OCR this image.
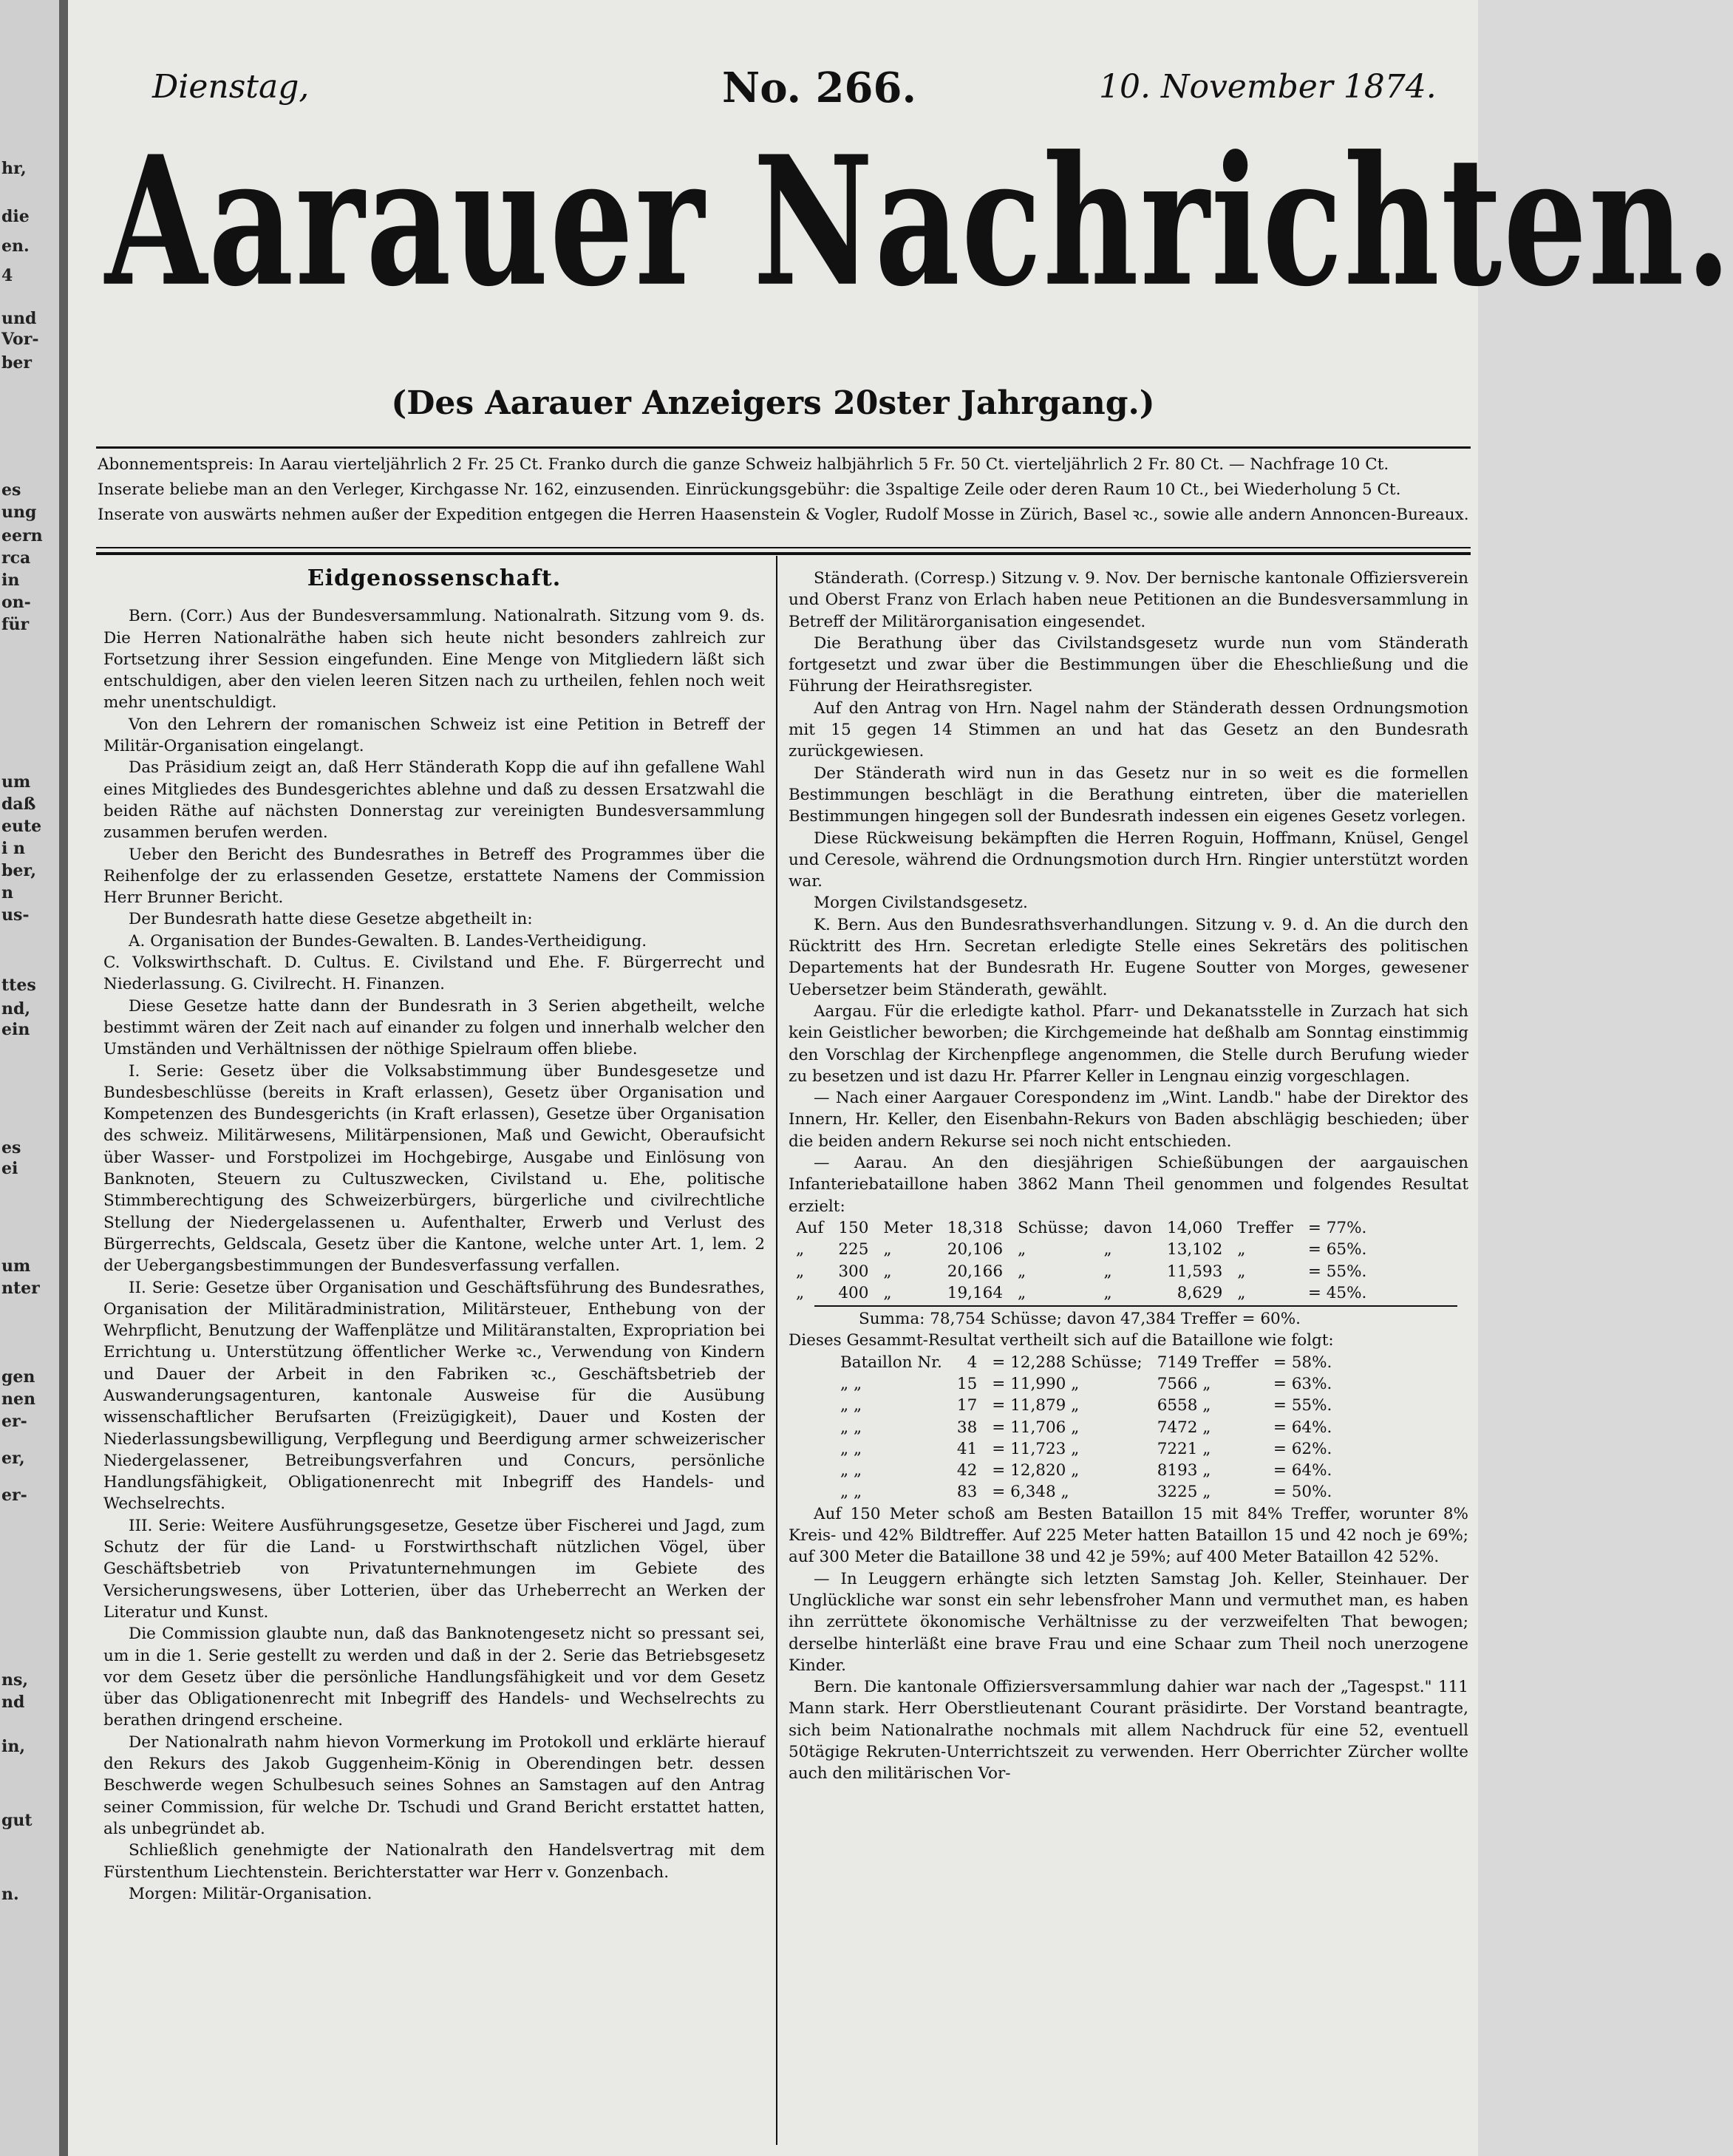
hr,
die
en.
4
und
Vor-
ber
es
ung
eern
rca
in
on-
für
um
daß
eute
i n
ber,
n
us-
ttes
nd,
ein
es
ei
um
nter
gen
nen
er-
er,
er-
ns,
nd
in,
gut
n.

Dienstag,	No. 266.	10. November 1874.

Aarauer Nachrichten.

(Des Aarauer Anzeigers 20ster Jahrgang.)

Abonnementspreis: In Aarau vierteljährlich 2 Fr. 25 Ct. Franko durch die ganze Schweiz halbjährlich 5 Fr. 50 Ct. vierteljährlich 2 Fr. 80 Ct. — Nachfrage 10 Ct.
Inserate beliebe man an den Verleger, Kirchgasse Nr. 162, einzusenden. Einrückungsgebühr: die 3spaltige Zeile oder deren Raum 10 Ct., bei Wiederholung 5 Ct.
Inserate von auswärts nehmen außer der Expedition entgegen die Herren Haasenstein & Vogler, Rudolf Mosse in Zürich, Basel ꝛc., sowie alle andern Annoncen-Bureaux.

Eidgenossenschaft.

Bern. (Corr.) Aus der Bundesversammlung. Nationalrath. Sitzung vom 9. ds. Die Herren Nationalräthe haben sich heute nicht besonders zahlreich zur Fortsetzung ihrer Session eingefunden. Eine Menge von Mitgliedern läßt sich entschuldigen, aber den vielen leeren Sitzen nach zu urtheilen, fehlen noch weit mehr unentschuldigt.

Von den Lehrern der romanischen Schweiz ist eine Petition in Betreff der Militär-Organisation eingelangt.

Das Präsidium zeigt an, daß Herr Ständerath Kopp die auf ihn gefallene Wahl eines Mitgliedes des Bundesgerichtes ablehne und daß zu dessen Ersatzwahl die beiden Räthe auf nächsten Donnerstag zur vereinigten Bundesversammlung zusammen berufen werden.

Ueber den Bericht des Bundesrathes in Betreff des Programmes über die Reihenfolge der zu erlassenden Gesetze, erstattete Namens der Commission Herr Brunner Bericht.

Der Bundesrath hatte diese Gesetze abgetheilt in:

A. Organisation der Bundes-Gewalten. B. Landes-Vertheidigung.

C. Volkswirthschaft. D. Cultus. E. Civilstand und Ehe. F. Bürgerrecht und Niederlassung. G. Civilrecht. H. Finanzen.

Diese Gesetze hatte dann der Bundesrath in 3 Serien abgetheilt, welche bestimmt wären der Zeit nach auf einander zu folgen und innerhalb welcher den Umständen und Verhältnissen der nöthige Spielraum offen bliebe.

I. Serie: Gesetz über die Volksabstimmung über Bundesgesetze und Bundesbeschlüsse (bereits in Kraft erlassen), Gesetz über Organisation und Kompetenzen des Bundesgerichts (in Kraft erlassen), Gesetze über Organisation des schweiz. Militärwesens, Militärpensionen, Maß und Gewicht, Oberaufsicht über Wasser- und Forstpolizei im Hochgebirge, Ausgabe und Einlösung von Banknoten, Steuern zu Cultuszwecken, Civilstand u. Ehe, politische Stimmberechtigung des Schweizerbürgers, bürgerliche und civilrechtliche Stellung der Niedergelassenen u. Aufenthalter, Erwerb und Verlust des Bürgerrechts, Geldscala, Gesetz über die Kantone, welche unter Art. 1, lem. 2 der Uebergangsbestimmungen der Bundesverfassung verfallen.

II. Serie: Gesetze über Organisation und Geschäftsführung des Bundesrathes, Organisation der Militäradministration, Militärsteuer, Enthebung von der Wehrpflicht, Benutzung der Waffenplätze und Militäranstalten, Expropriation bei Errichtung u. Unterstützung öffentlicher Werke ꝛc., Verwendung von Kindern und Dauer der Arbeit in den Fabriken ꝛc., Geschäftsbetrieb der Auswanderungsagenturen, kantonale Ausweise für die Ausübung wissenschaftlicher Berufsarten (Freizügigkeit), Dauer und Kosten der Niederlassungsbewilligung, Verpflegung und Beerdigung armer schweizerischer Niedergelassener, Betreibungsverfahren und Concurs, persönliche Handlungsfähigkeit, Obligationenrecht mit Inbegriff des Handels- und Wechselrechts.

III. Serie: Weitere Ausführungsgesetze, Gesetze über Fischerei und Jagd, zum Schutz der für die Land- u Forstwirthschaft nützlichen Vögel, über Geschäftsbetrieb von Privatunternehmungen im Gebiete des Versicherungswesens, über Lotterien, über das Urheberrecht an Werken der Literatur und Kunst.

Die Commission glaubte nun, daß das Banknotengesetz nicht so pressant sei, um in die 1. Serie gestellt zu werden und daß in der 2. Serie das Betriebsgesetz vor dem Gesetz über die persönliche Handlungsfähigkeit und vor dem Gesetz über das Obligationenrecht mit Inbegriff des Handels- und Wechselrechts zu berathen dringend erscheine.

Der Nationalrath nahm hievon Vormerkung im Protokoll und erklärte hierauf den Rekurs des Jakob Guggenheim-König in Oberendingen betr. dessen Beschwerde wegen Schulbesuch seines Sohnes an Samstagen auf den Antrag seiner Commission, für welche Dr. Tschudi und Grand Bericht erstattet hatten, als unbegründet ab.

Schließlich genehmigte der Nationalrath den Handelsvertrag mit dem Fürstenthum Liechtenstein. Berichterstatter war Herr v. Gonzenbach.

Morgen: Militär-Organisation.

Ständerath. (Corresp.) Sitzung v. 9. Nov. Der bernische kantonale Offiziersverein und Oberst Franz von Erlach haben neue Petitionen an die Bundesversammlung in Betreff der Militärorganisation eingesendet.

Die Berathung über das Civilstandsgesetz wurde nun vom Ständerath fortgesetzt und zwar über die Bestimmungen über die Eheschließung und die Führung der Heirathsregister.

Auf den Antrag von Hrn. Nagel nahm der Ständerath dessen Ordnungsmotion mit 15 gegen 14 Stimmen an und hat das Gesetz an den Bundesrath zurückgewiesen.

Der Ständerath wird nun in das Gesetz nur in so weit es die formellen Bestimmungen beschlägt in die Berathung eintreten, über die materiellen Bestimmungen hingegen soll der Bundesrath indessen ein eigenes Gesetz vorlegen.

Diese Rückweisung bekämpften die Herren Roguin, Hoffmann, Knüsel, Gengel und Ceresole, während die Ordnungsmotion durch Hrn. Ringier unterstützt worden war.

Morgen Civilstandsgesetz.

K. Bern. Aus den Bundesrathsverhandlungen. Sitzung v. 9. d. An die durch den Rücktritt des Hrn. Secretan erledigte Stelle eines Sekretärs des politischen Departements hat der Bundesrath Hr. Eugene Soutter von Morges, gewesener Uebersetzer beim Ständerath, gewählt.

Aargau. Für die erledigte kathol. Pfarr- und Dekanatsstelle in Zurzach hat sich kein Geistlicher beworben; die Kirchgemeinde hat deßhalb am Sonntag einstimmig den Vorschlag der Kirchenpflege angenommen, die Stelle durch Berufung wieder zu besetzen und ist dazu Hr. Pfarrer Keller in Lengnau einzig vorgeschlagen.

— Nach einer Aargauer Corespondenz im „Wint. Landb." habe der Direktor des Innern, Hr. Keller, den Eisenbahn-Rekurs von Baden abschlägig beschieden; über die beiden andern Rekurse sei noch nicht entschieden.

— Aarau. An den diesjährigen Schießübungen der aargauischen Infanteriebataillone haben 3862 Mann Theil genommen und folgendes Resultat erzielt:

Auf	150	Meter	18,318	Schüsse;	davon	14,060	Treffer	= 77%.
„	225	„	20,106	„	„	13,102	„	= 65%.
„	300	„	20,166	„	„	11,593	„	= 55%.
„	400	„	19,164	„	„	8,629	„	= 45%.
Summa: 78,754 Schüsse; davon 47,384 Treffer = 60%.

Dieses Gesammt-Resultat vertheilt sich auf die Bataillone wie folgt:

Bataillon Nr.	4	= 12,288 Schüsse;	7149 Treffer	= 58%.
„ „	15	= 11,990 „	7566 „	= 63%.
„ „	17	= 11,879 „	6558 „	= 55%.
„ „	38	= 11,706 „	7472 „	= 64%.
„ „	41	= 11,723 „	7221 „	= 62%.
„ „	42	= 12,820 „	8193 „	= 64%.
„ „	83	= 6,348 „	3225 „	= 50%.

Auf 150 Meter schoß am Besten Bataillon 15 mit 84% Treffer, worunter 8% Kreis- und 42% Bildtreffer. Auf 225 Meter hatten Bataillon 15 und 42 noch je 69%; auf 300 Meter die Bataillone 38 und 42 je 59%; auf 400 Meter Bataillon 42 52%.

— In Leuggern erhängte sich letzten Samstag Joh. Keller, Steinhauer. Der Unglückliche war sonst ein sehr lebensfroher Mann und vermuthet man, es haben ihn zerrüttete ökonomische Verhältnisse zu der verzweifelten That bewogen; derselbe hinterläßt eine brave Frau und eine Schaar zum Theil noch unerzogene Kinder.

Bern. Die kantonale Offiziersversammlung dahier war nach der „Tagespst." 111 Mann stark. Herr Oberstlieutenant Courant präsidirte. Der Vorstand beantragte, sich beim Nationalrathe nochmals mit allem Nachdruck für eine 52, eventuell 50tägige Rekruten-Unterrichtszeit zu verwenden. Herr Oberrichter Zürcher wollte auch den militärischen Vor-
